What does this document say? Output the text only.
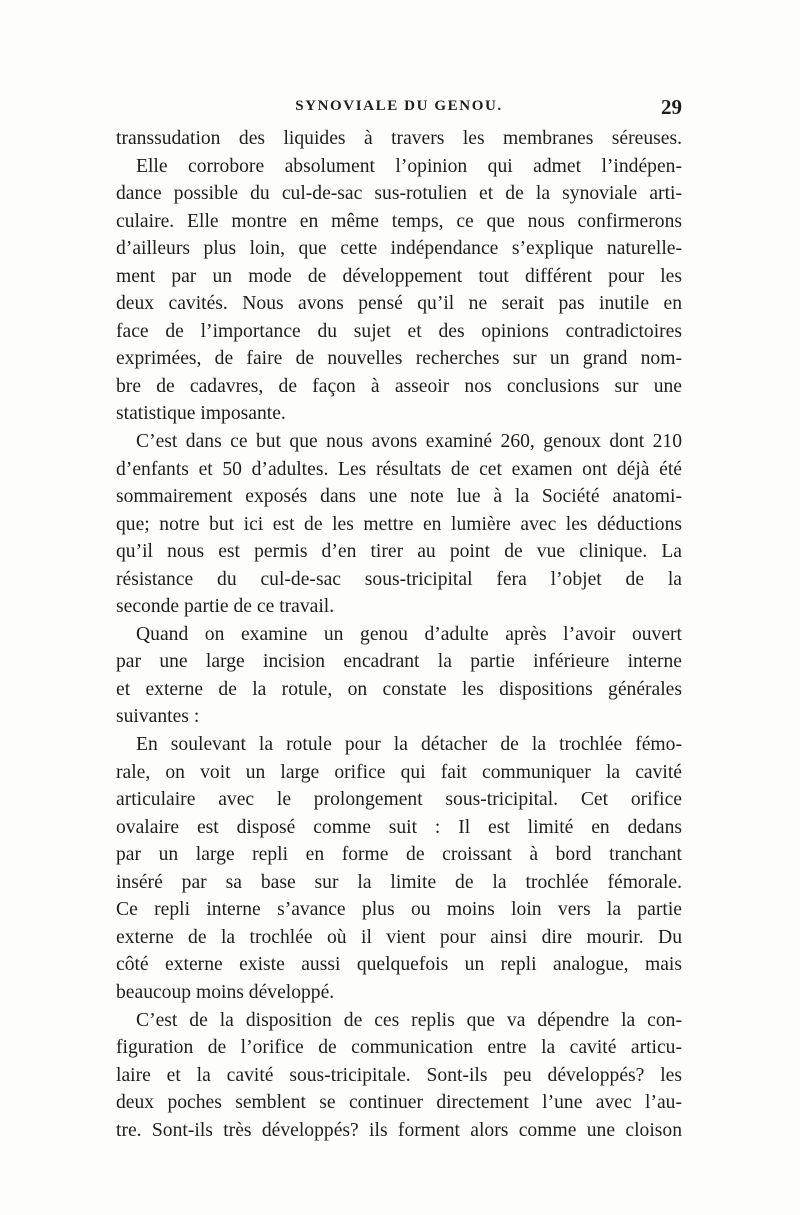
SYNOVIALE DU GENOU.	29
transsudation des liquides à travers les membranes séreuses.
Elle corrobore absolument l’opinion qui admet l’indépen-
dance possible du cul-de-sac sus-rotulien et de la synoviale arti-
culaire. Elle montre en même temps, ce que nous confirmerons
d’ailleurs plus loin, que cette indépendance s’explique naturelle-
ment par un mode de développement tout différent pour les
deux cavités. Nous avons pensé qu’il ne serait pas inutile en
face de l’importance du sujet et des opinions contradictoires
exprimées, de faire de nouvelles recherches sur un grand nom-
bre de cadavres, de façon à asseoir nos conclusions sur une
statistique imposante.
C’est dans ce but que nous avons examiné 260, genoux dont 210
d’enfants et 50 d’adultes. Les résultats de cet examen ont déjà été
sommairement exposés dans une note lue à la Société anatomi-
que; notre but ici est de les mettre en lumière avec les déductions
qu’il nous est permis d’en tirer au point de vue clinique. La
résistance du cul-de-sac sous-tricipital fera l’objet de la
seconde partie de ce travail.
Quand on examine un genou d’adulte après l’avoir ouvert
par une large incision encadrant la partie inférieure interne
et externe de la rotule, on constate les dispositions générales
suivantes :
En soulevant la rotule pour la détacher de la trochlée fémo-
rale, on voit un large orifice qui fait communiquer la cavité
articulaire avec le prolongement sous-tricipital. Cet orifice
ovalaire est disposé comme suit : Il est limité en dedans
par un large repli en forme de croissant à bord tranchant
inséré par sa base sur la limite de la trochlée fémorale.
Ce repli interne s’avance plus ou moins loin vers la partie
externe de la trochlée où il vient pour ainsi dire mourir. Du
côté externe existe aussi quelquefois un repli analogue, mais
beaucoup moins développé.
C’est de la disposition de ces replis que va dépendre la con-
figuration de l’orifice de communication entre la cavité articu-
laire et la cavité sous-tricipitale. Sont-ils peu développés? les
deux poches semblent se continuer directement l’une avec l’au-
tre. Sont-ils très développés? ils forment alors comme une cloison
